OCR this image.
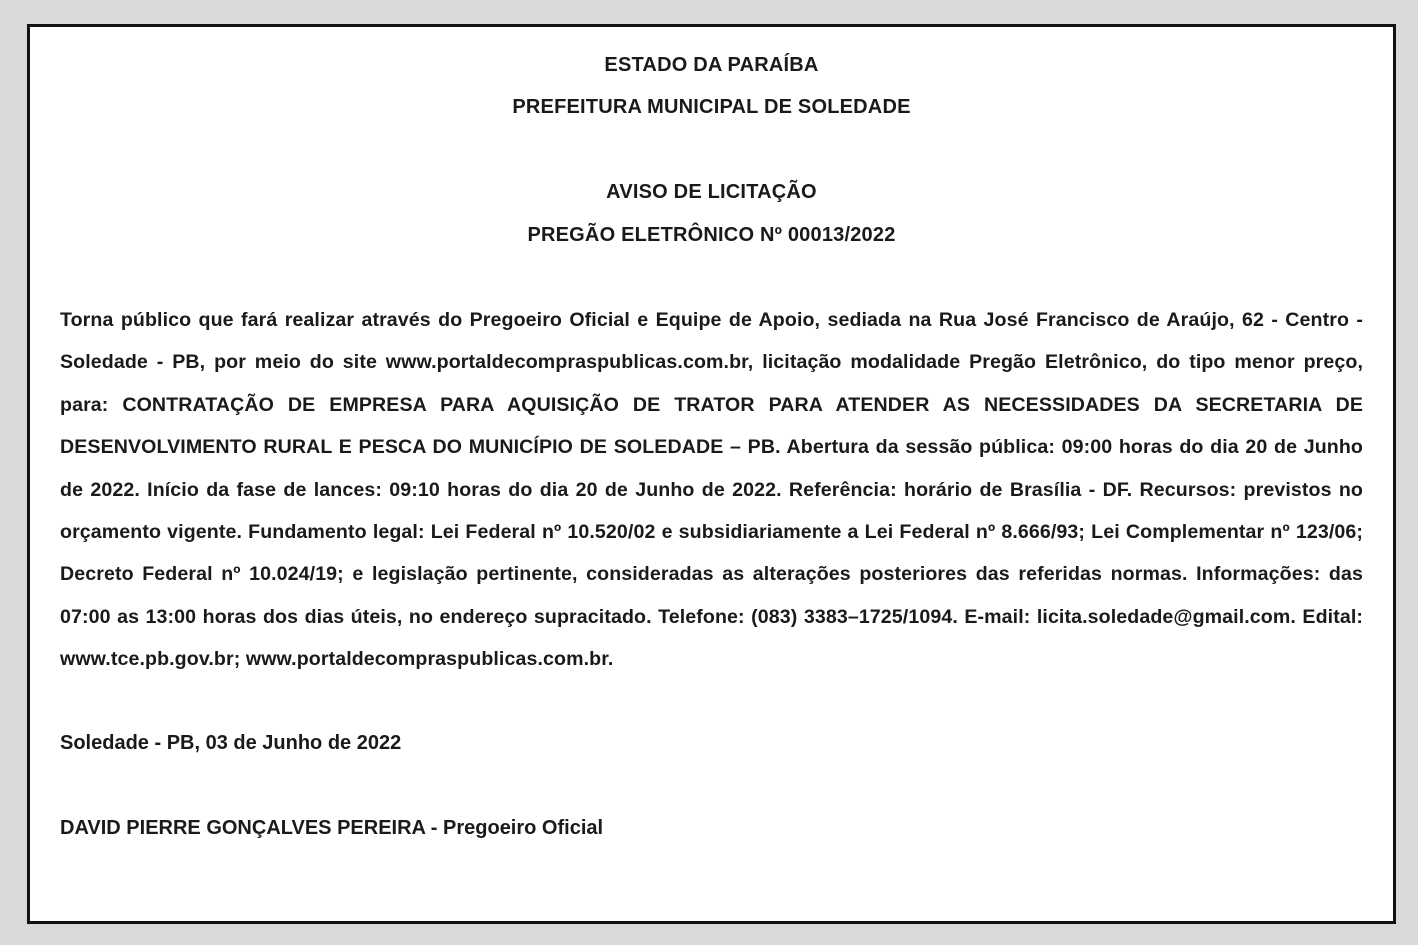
ESTADO DA PARAÍBA
PREFEITURA MUNICIPAL DE SOLEDADE
AVISO DE LICITAÇÃO
PREGÃO ELETRÔNICO Nº 00013/2022

Torna público que fará realizar através do Pregoeiro Oficial e Equipe de Apoio, sediada na Rua José Francisco de Araújo, 62 - Centro - Soledade - PB, por meio do site www.portaldecompraspublicas.com.br, licitação modalidade Pregão Eletrônico, do tipo menor preço, para: CONTRATAÇÃO DE EMPRESA PARA AQUISIÇÃO DE TRATOR PARA ATENDER AS NECESSIDADES DA SECRETARIA DE DESENVOLVIMENTO RURAL E PESCA DO MUNICÍPIO DE SOLEDADE – PB. Abertura da sessão pública: 09:00 horas do dia 20 de Junho de 2022. Início da fase de lances: 09:10 horas do dia 20 de Junho de 2022. Referência: horário de Brasília - DF. Recursos: previstos no orçamento vigente. Fundamento legal: Lei Federal nº 10.520/02 e subsidiariamente a Lei Federal nº 8.666/93; Lei Complementar nº 123/06; Decreto Federal nº 10.024/19; e legislação pertinente, consideradas as alterações posteriores das referidas normas. Informações: das 07:00 as 13:00 horas dos dias úteis, no endereço supracitado. Telefone: (083) 3383–1725/1094. E-mail: licita.soledade@gmail.com. Edital: www.tce.pb.gov.br; www.portaldecompraspublicas.com.br.

Soledade - PB, 03 de Junho de 2022
DAVID PIERRE GONÇALVES PEREIRA - Pregoeiro Oficial
